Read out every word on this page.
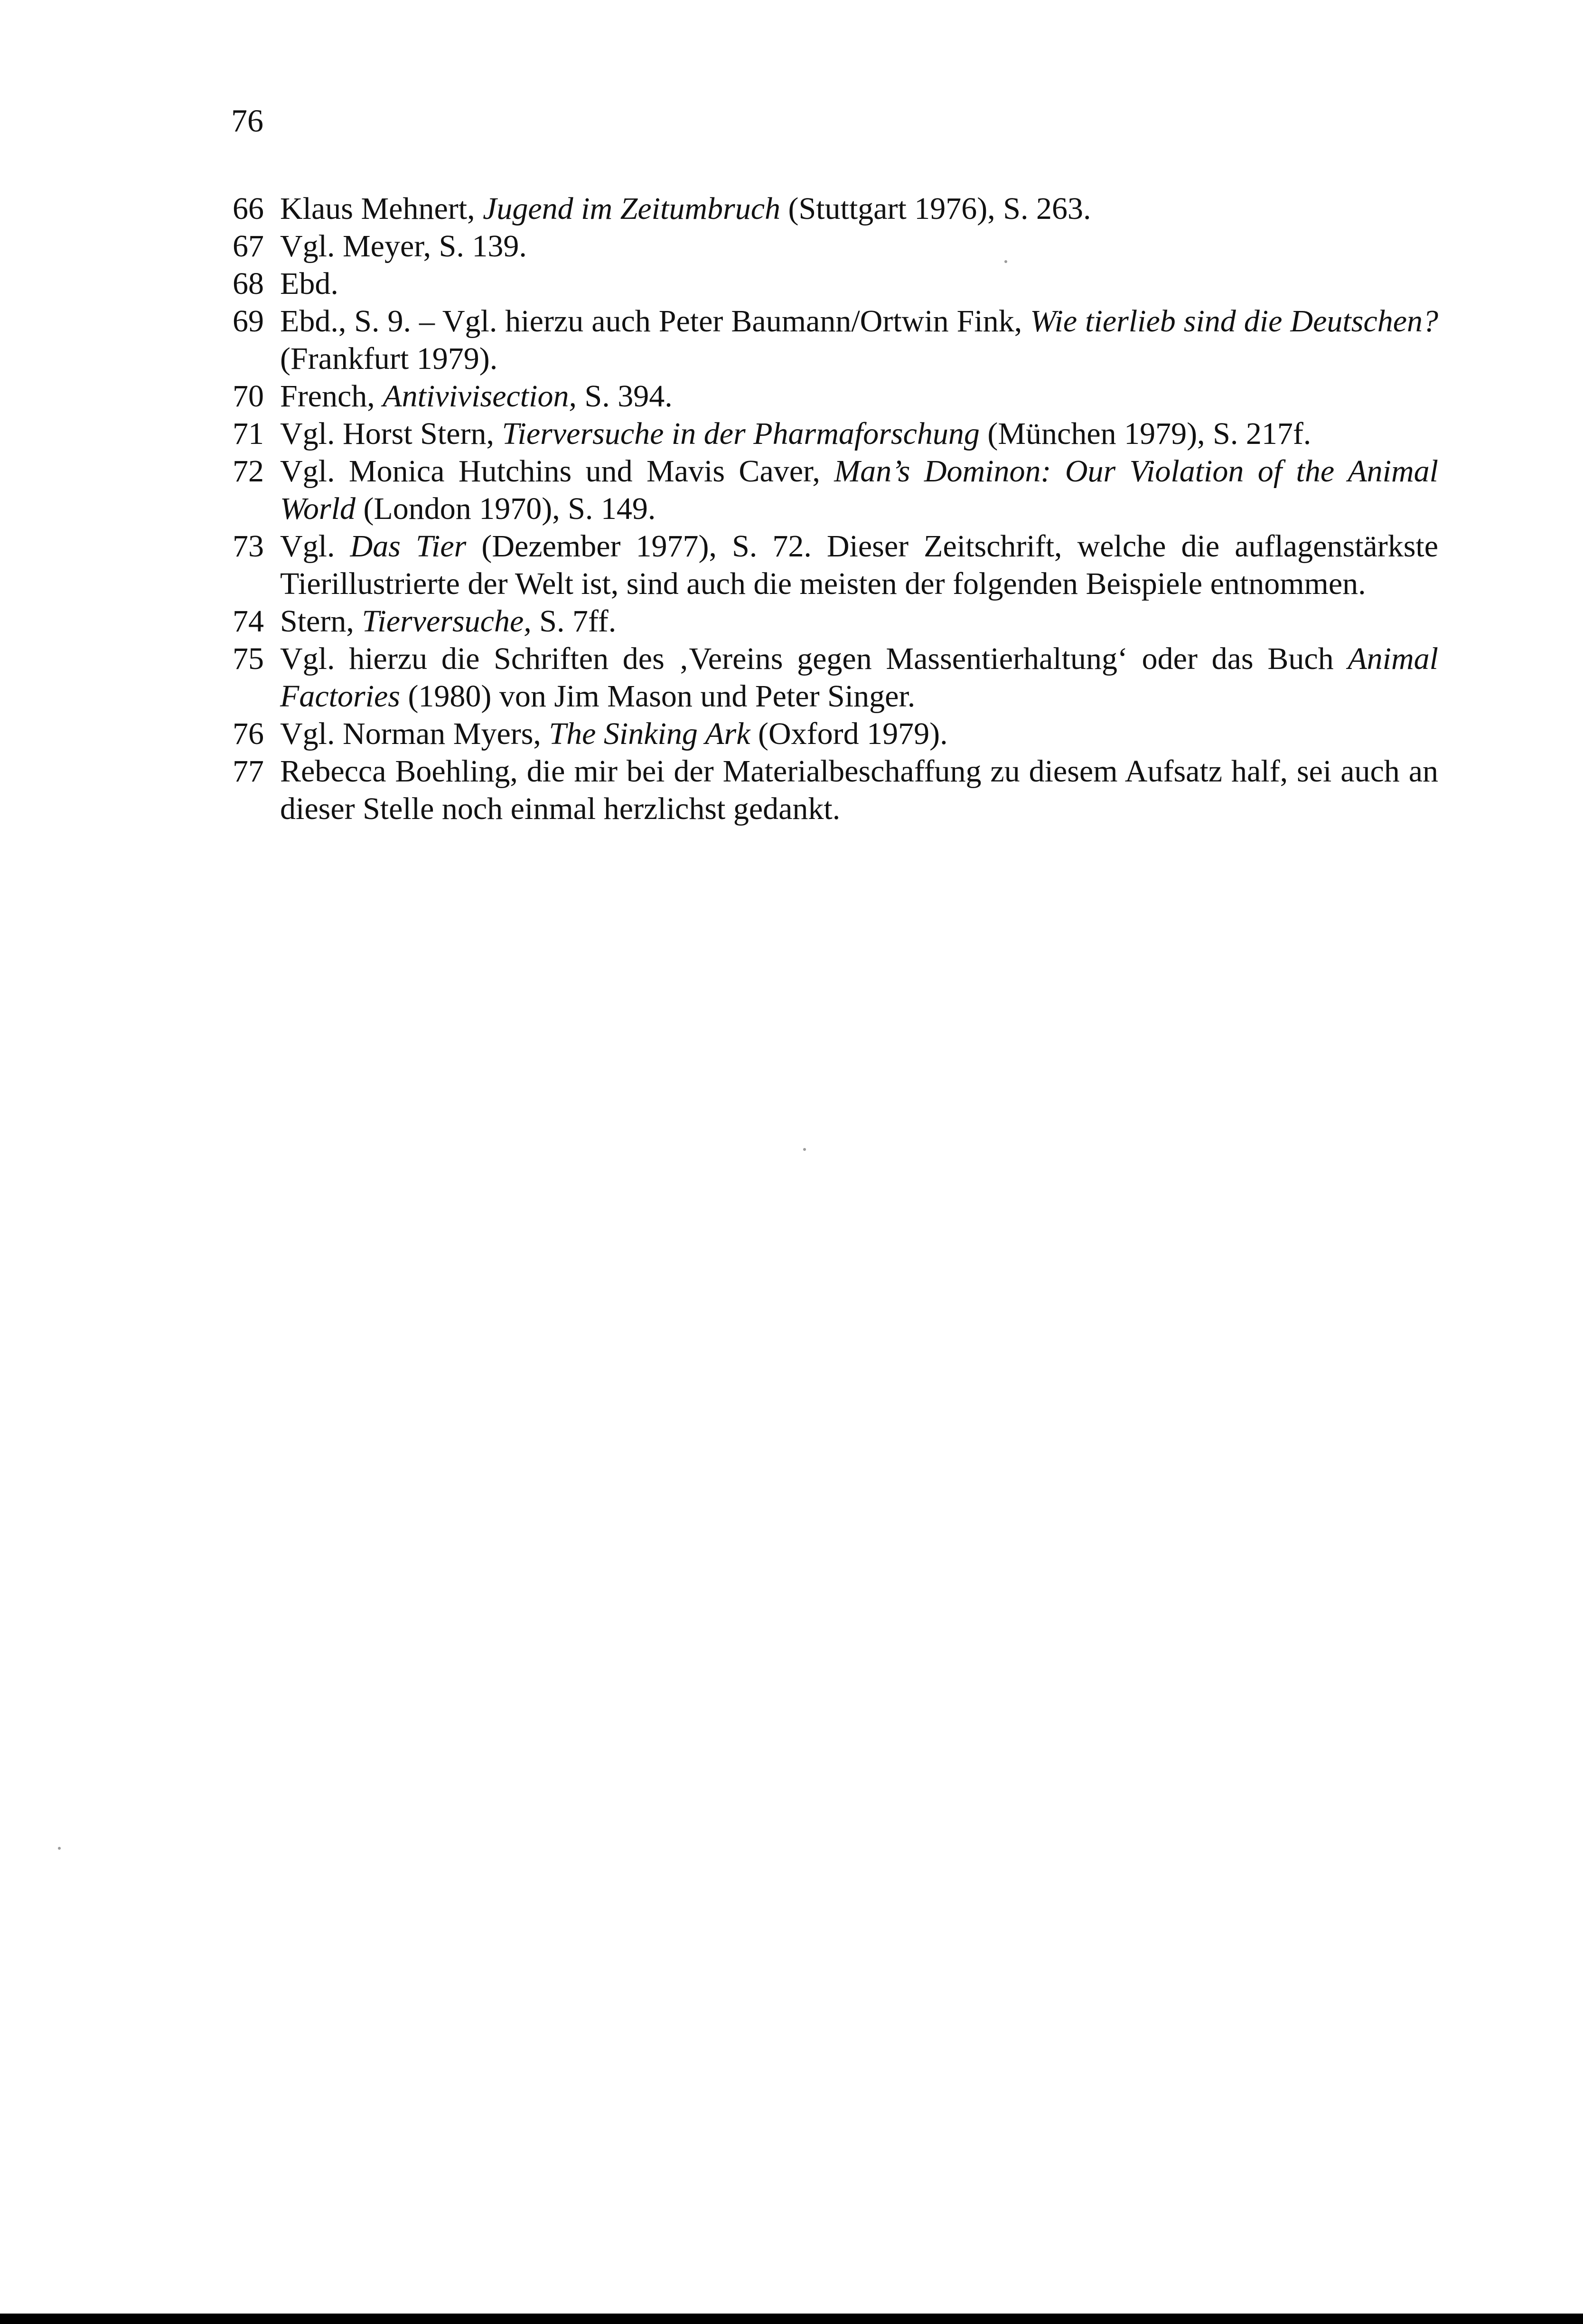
76
66 Klaus Mehnert, Jugend im Zeitumbruch (Stuttgart 1976), S. 263.
67 Vgl. Meyer, S. 139.
68 Ebd.
69 Ebd., S. 9. – Vgl. hierzu auch Peter Baumann/Ortwin Fink, Wie tierlieb sind die Deutschen? (Frankfurt 1979).
70 French, Antivivisection, S. 394.
71 Vgl. Horst Stern, Tierversuche in der Pharmaforschung (München 1979), S. 217f.
72 Vgl. Monica Hutchins und Mavis Caver, Man’s Dominon: Our Violation of the Animal World (London 1970), S. 149.
73 Vgl. Das Tier (Dezember 1977), S. 72. Dieser Zeitschrift, welche die auflagenstärkste Tierillustrierte der Welt ist, sind auch die meisten der folgenden Beispiele entnommen.
74 Stern, Tierversuche, S. 7ff.
75 Vgl. hierzu die Schriften des ‚Vereins gegen Massentierhaltung‘ oder das Buch Animal Factories (1980) von Jim Mason und Peter Singer.
76 Vgl. Norman Myers, The Sinking Ark (Oxford 1979).
77 Rebecca Boehling, die mir bei der Materialbeschaffung zu diesem Aufsatz half, sei auch an dieser Stelle noch einmal herzlichst gedankt.
